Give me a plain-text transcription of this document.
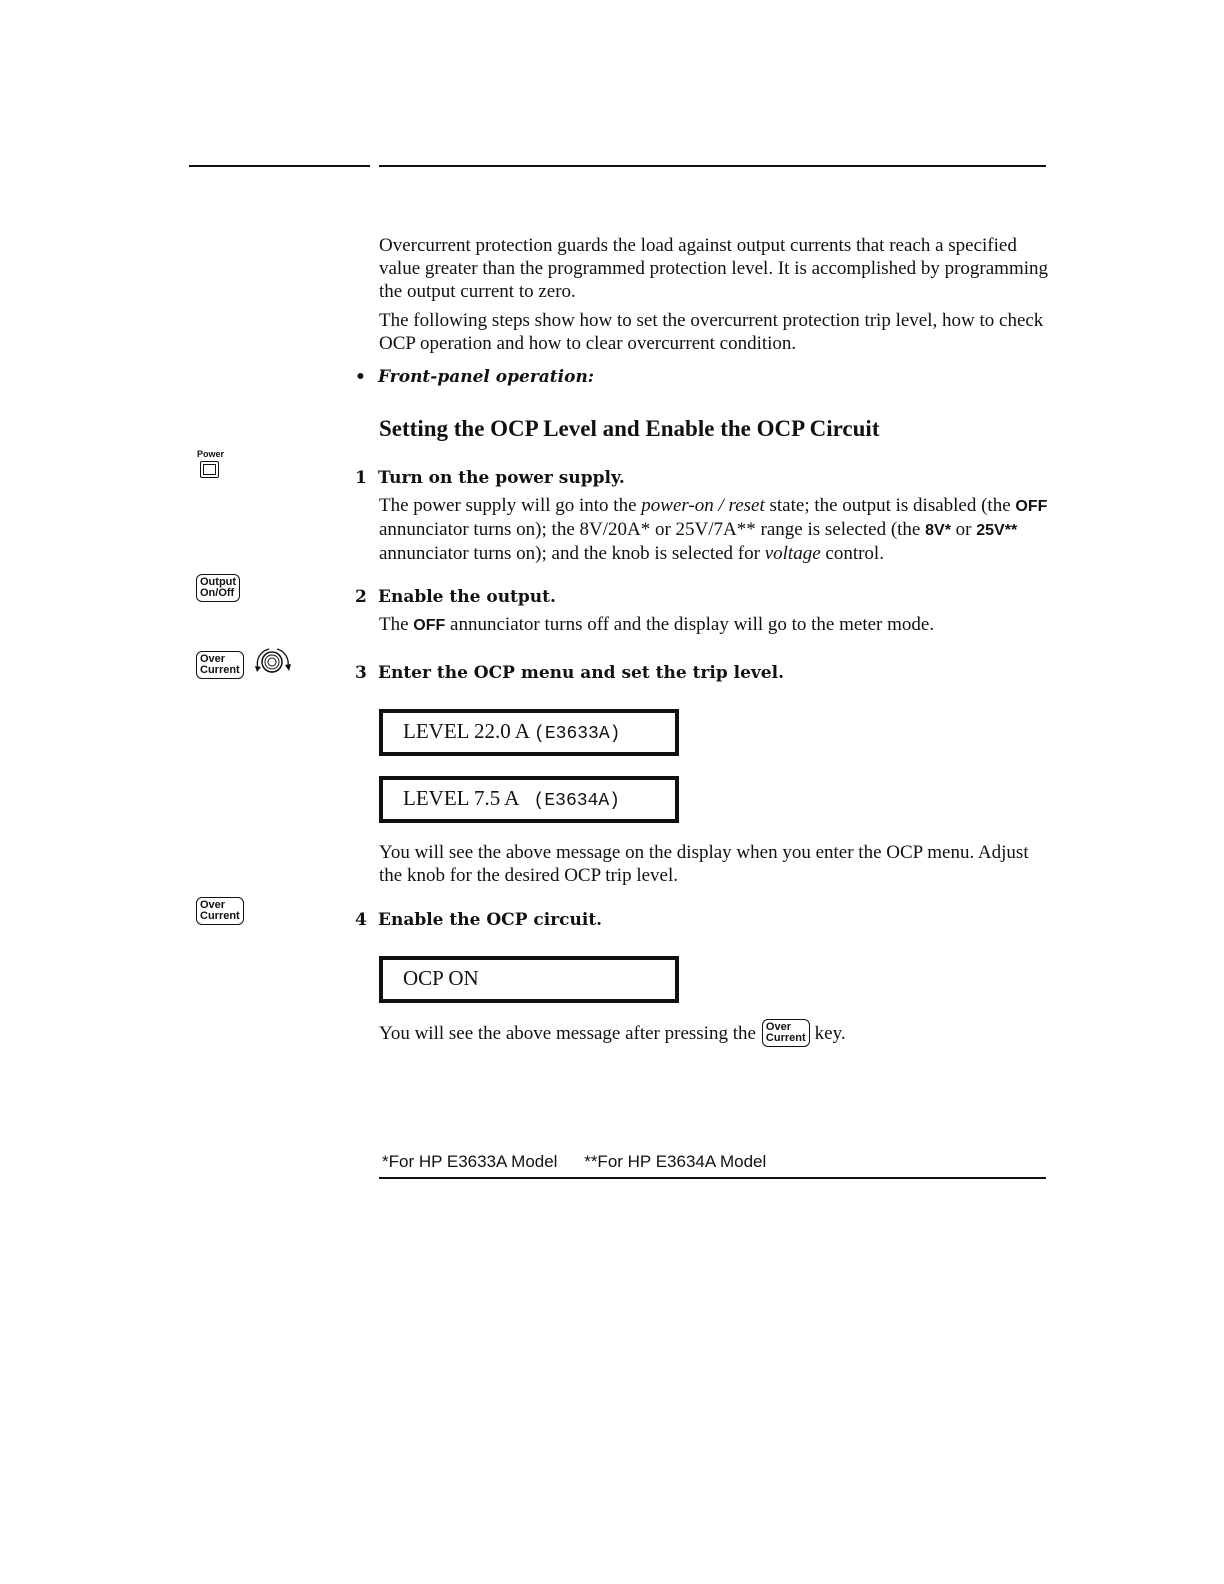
Overcurrent protection guards the load against output currents that reach a specified value greater than the programmed protection level. It is accomplished by programming the output current to zero.

The following steps show how to set the overcurrent protection trip level, how to check OCP operation and how to clear overcurrent condition.

• Front-panel operation:
Setting the OCP Level and Enable the OCP Circuit
Power
1 Turn on the power supply.
The power supply will go into the power-on / reset state; the output is disabled (the OFF annunciator turns on); the 8V/20A* or 25V/7A** range is selected (the 8V* or 25V** annunciator turns on); and the knob is selected for voltage control.
Output
On/Off	2 Enable the output.
The OFF annunciator turns off and the display will go to the meter mode.
Over
Current	3 Enter the OCP menu and set the trip level.
LEVEL 22.0 A (E3633A)
LEVEL 7.5 A (E3634A)
You will see the above message on the display when you enter the OCP menu. Adjust the knob for the desired OCP trip level.
Over
Current	4 Enable the OCP circuit.
OCP ON
You will see the above message after pressing the Over
Current key.
*For HP E3633A Model **For HP E3634A Model
